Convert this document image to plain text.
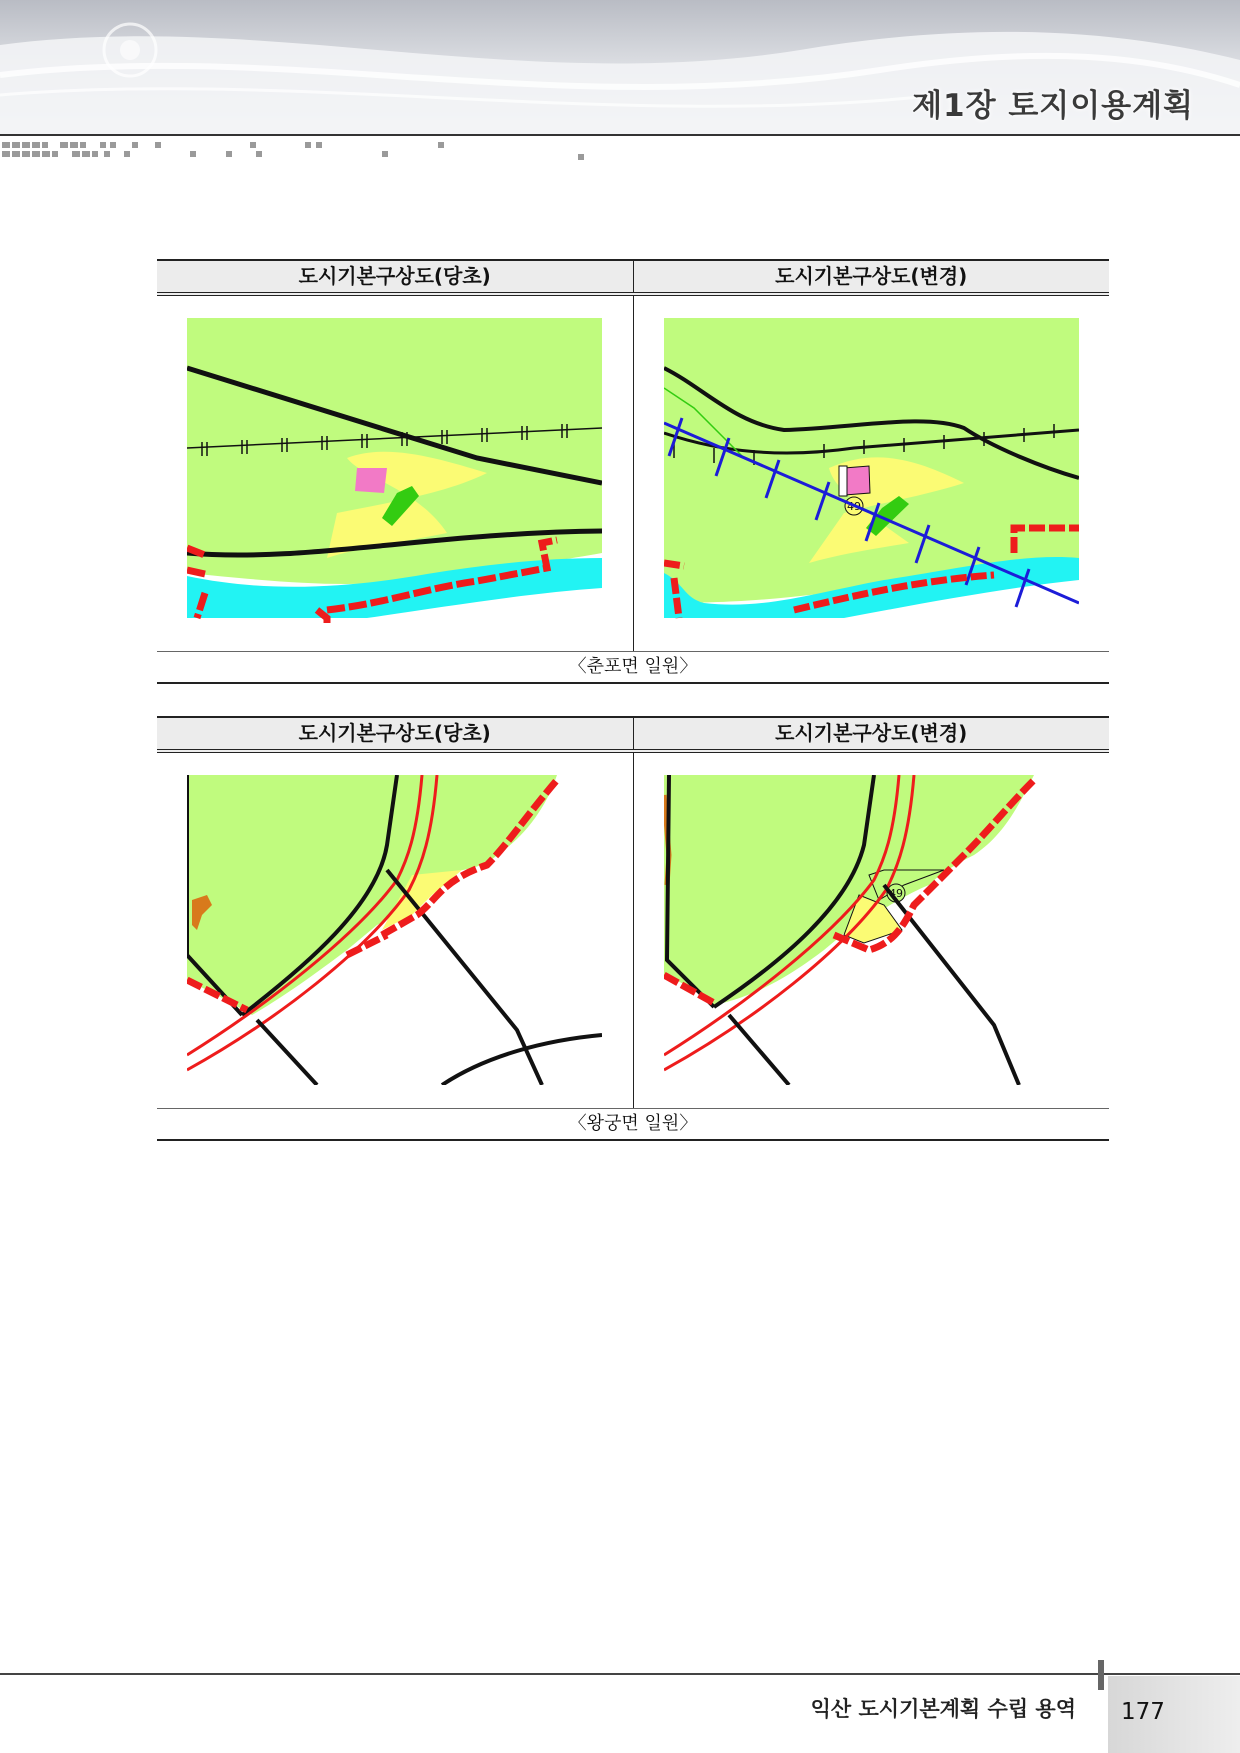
제1장 토지이용계획
도시기본구상도(당초)	도시기본구상도(변경)
49
〈춘포면 일원〉
도시기본구상도(당초)	도시기본구상도(변경)
49
〈왕궁면 일원〉
익산 도시기본계획 수립 용역 177
